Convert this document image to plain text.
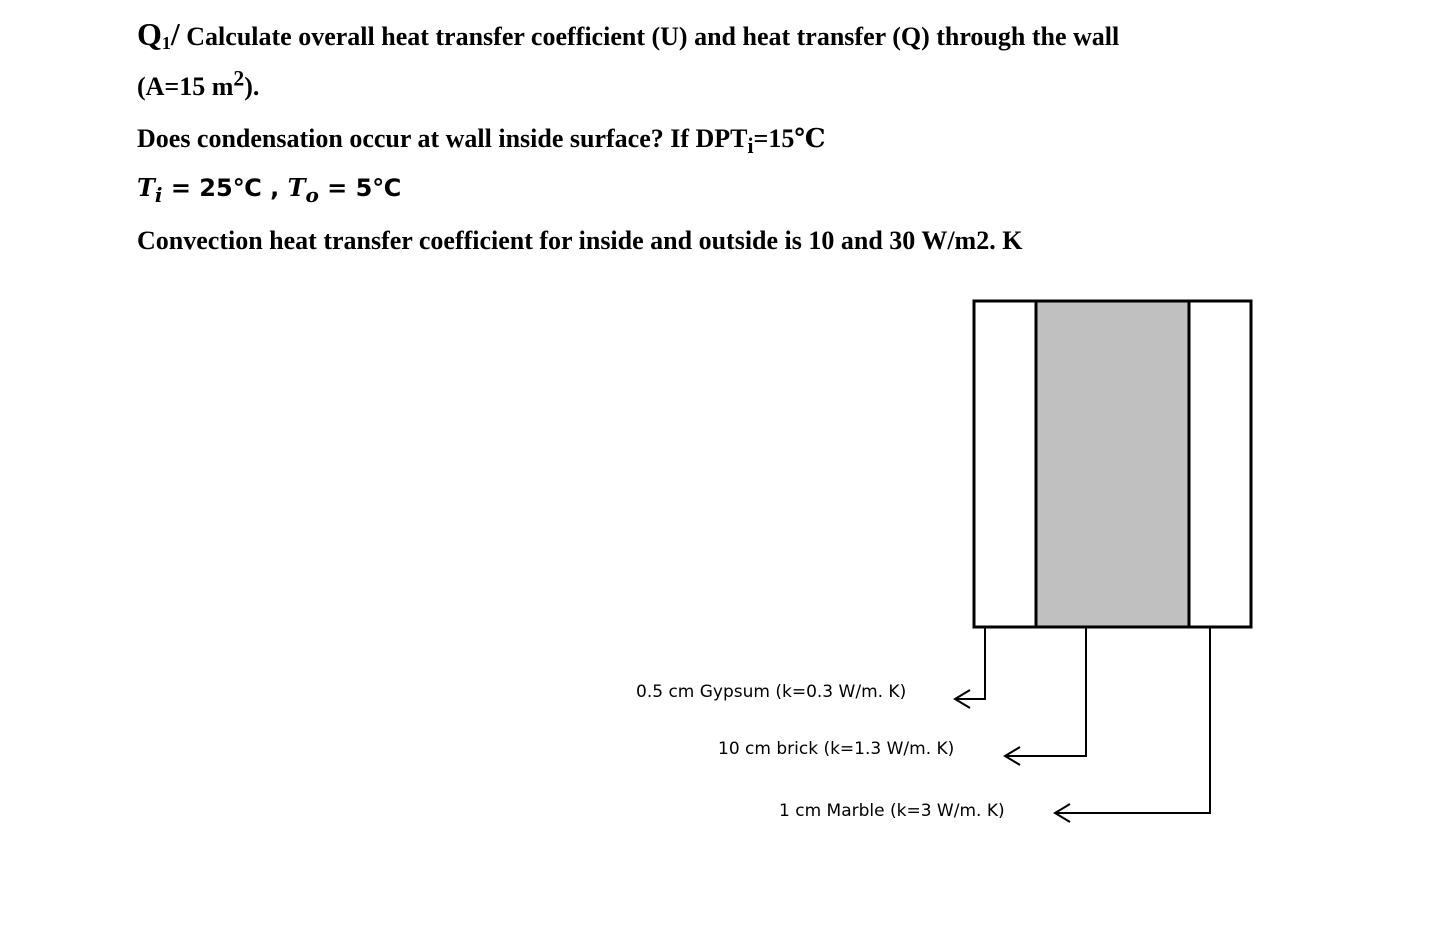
$Q_1/$ Calculate overall heat transfer coefficient (U) and heat transfer (Q) through the wall
(A=15 $m^2$).
Does condensation occur at wall inside surface? If $DPT_i=15℃$
$T_i$ = 25℃ , $T_o$ = 5℃
Convection heat transfer coefficient for inside and outside is 10 and 30 W/m2. K
0.5 cm Gypsum (k=0.3 W/m. K)
10 cm brick (k=1.3 W/m. K)
1 cm Marble (k=3 W/m. K)
